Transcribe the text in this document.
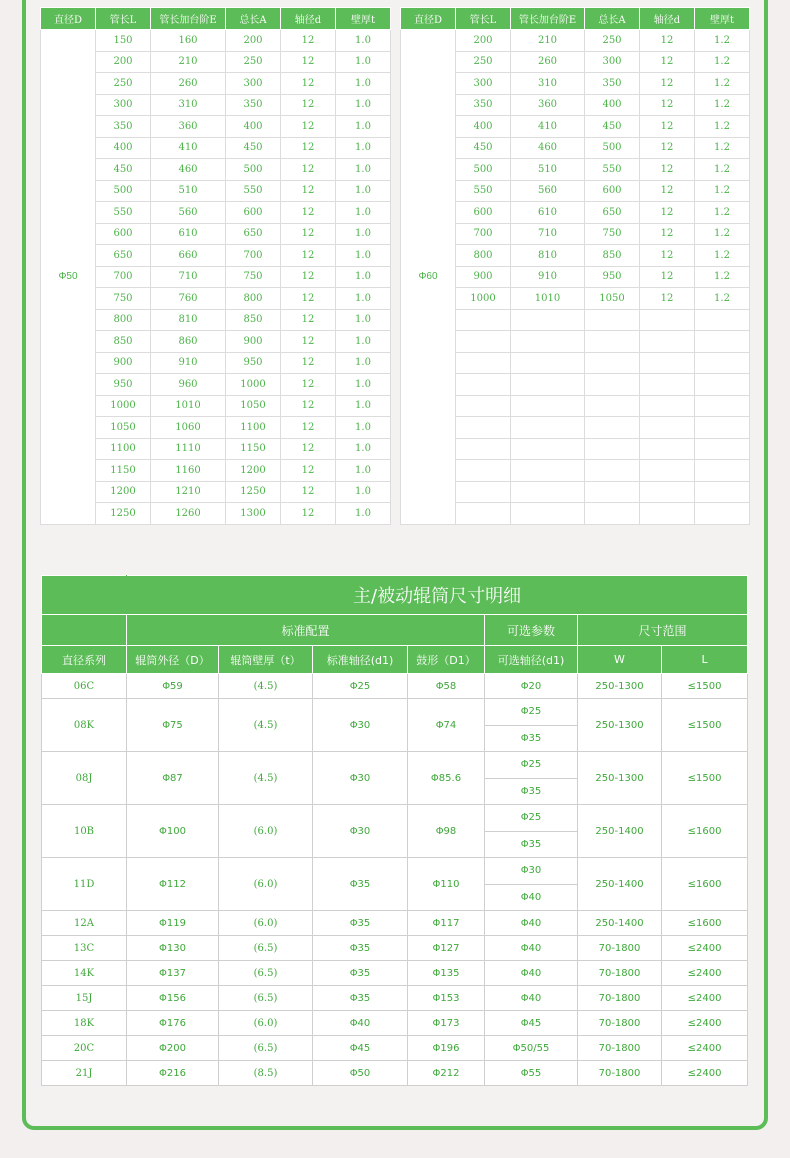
直径D	管长L	管长加台阶E	总长A	轴径d	壁厚t
Φ50	150	160	200	12	1.0
	200	210	250	12	1.0
	250	260	300	12	1.0
	300	310	350	12	1.0
	350	360	400	12	1.0
	400	410	450	12	1.0
	450	460	500	12	1.0
	500	510	550	12	1.0
	550	560	600	12	1.0
	600	610	650	12	1.0
	650	660	700	12	1.0
	700	710	750	12	1.0
	750	760	800	12	1.0
	800	810	850	12	1.0
	850	860	900	12	1.0
	900	910	950	12	1.0
	950	960	1000	12	1.0
	1000	1010	1050	12	1.0
	1050	1060	1100	12	1.0
	1100	1110	1150	12	1.0
	1150	1160	1200	12	1.0
	1200	1210	1250	12	1.0
	1250	1260	1300	12	1.0
直径D	管长L	管长加台阶E	总长A	轴径d	壁厚t
Φ60	200	210	250	12	1.2
	250	260	300	12	1.2
	300	310	350	12	1.2
	350	360	400	12	1.2
	400	410	450	12	1.2
	450	460	500	12	1.2
	500	510	550	12	1.2
	550	560	600	12	1.2
	600	610	650	12	1.2
	700	710	750	12	1.2
	800	810	850	12	1.2
	900	910	950	12	1.2
	1000	1010	1050	12	1.2

	主/被动辊筒尺寸明细						
	标准配置				可选参数	尺寸范围	
直径系列	辊筒外径（D）	辊筒壁厚（t）	标准轴径(d1)	鼓形（D1）	可选轴径(d1)	W	L
06C	Φ59	(4.5)	Φ25	Φ58	Φ20	250-1300	≤1500
08K	Φ75	(4.5)	Φ30	Φ74	Φ25	250-1300	≤1500
					Φ35		
08J	Φ87	(4.5)	Φ30	Φ85.6	Φ25	250-1300	≤1500
					Φ35		
10B	Φ100	(6.0)	Φ30	Φ98	Φ25	250-1400	≤1600
					Φ35		
11D	Φ112	(6.0)	Φ35	Φ110	Φ30	250-1400	≤1600
					Φ40		
12A	Φ119	(6.0)	Φ35	Φ117	Φ40	250-1400	≤1600
13C	Φ130	(6.5)	Φ35	Φ127	Φ40	70-1800	≤2400
14K	Φ137	(6.5)	Φ35	Φ135	Φ40	70-1800	≤2400
15J	Φ156	(6.5)	Φ35	Φ153	Φ40	70-1800	≤2400
18K	Φ176	(6.0)	Φ40	Φ173	Φ45	70-1800	≤2400
20C	Φ200	(6.5)	Φ45	Φ196	Φ50/55	70-1800	≤2400
21J	Φ216	(8.5)	Φ50	Φ212	Φ55	70-1800	≤2400
